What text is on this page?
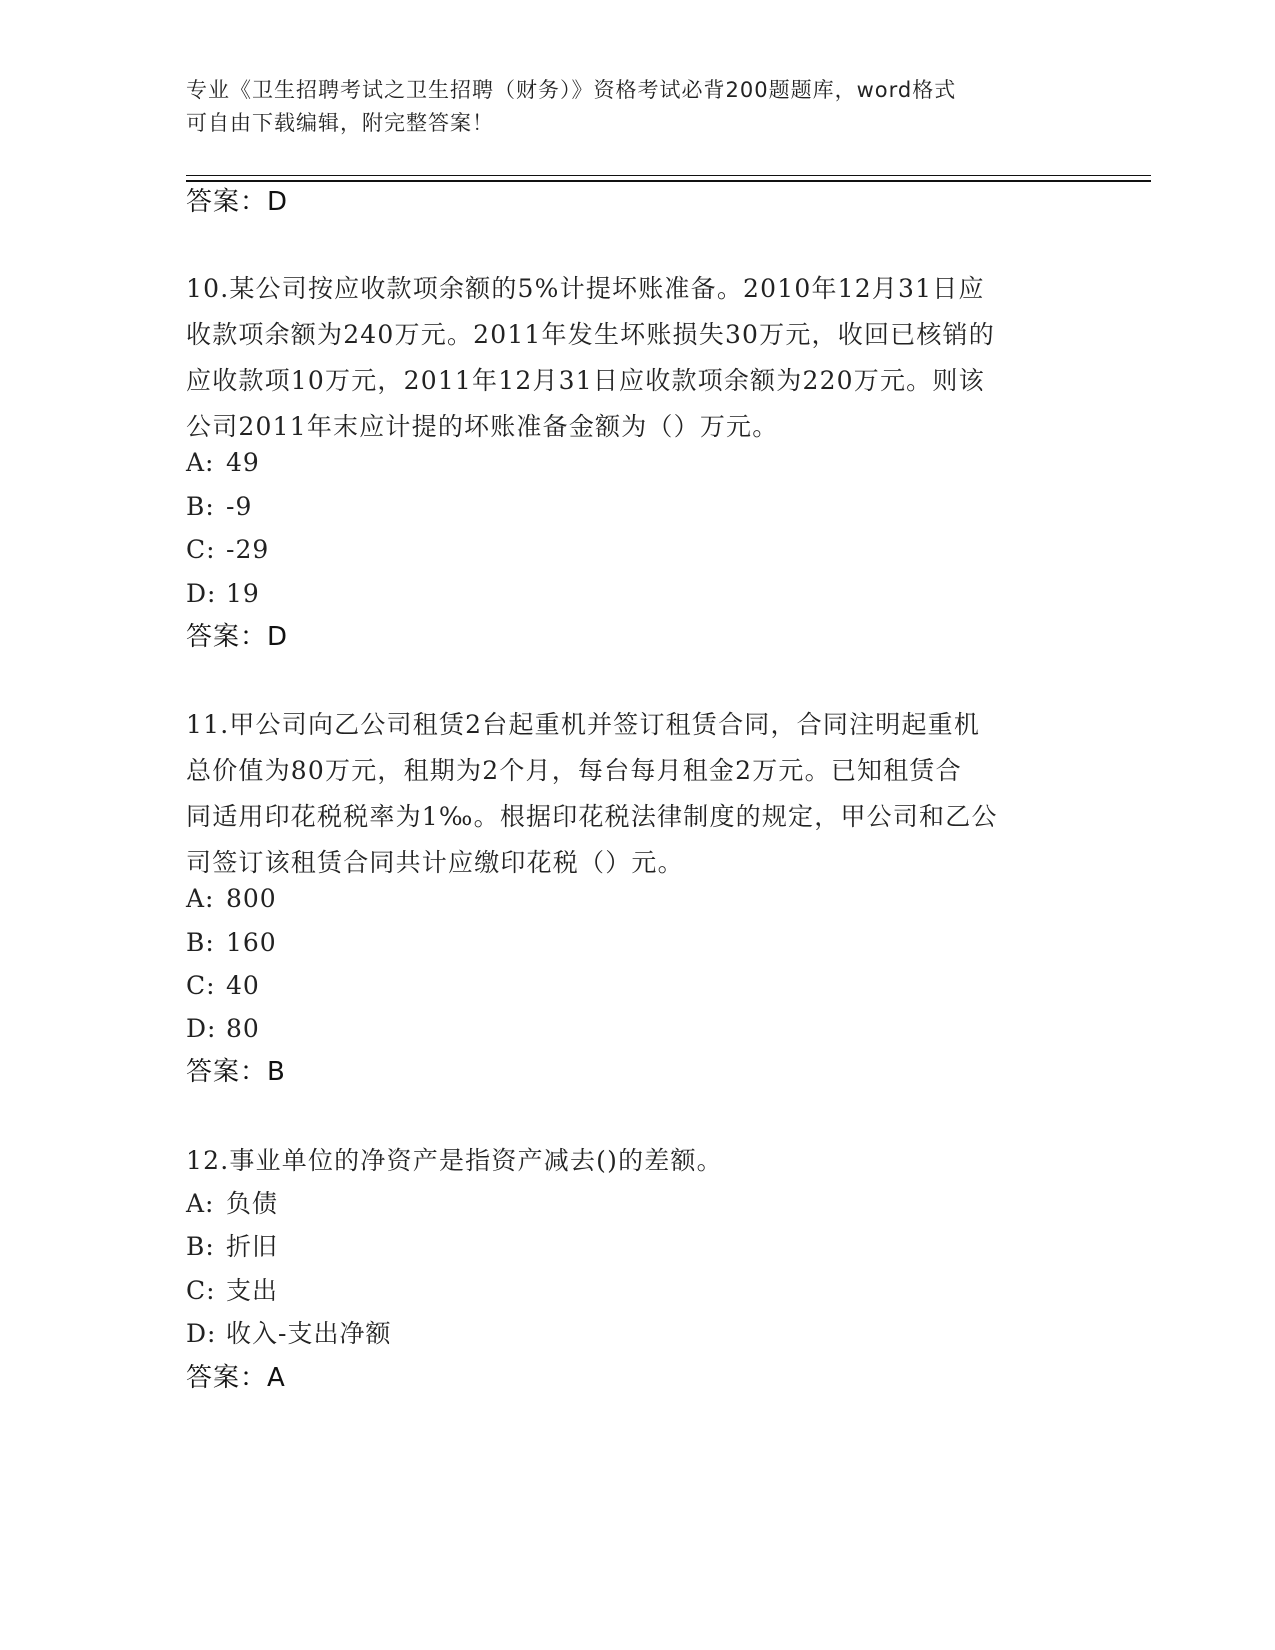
专业《卫生招聘考试之卫生招聘（财务）》资格考试必背200题题库，word格式
可自由下载编辑，附完整答案！
答案：D
10.某公司按应收款项余额的5%计提坏账准备。2010年12月31日应
收款项余额为240万元。2011年发生坏账损失30万元，收回已核销的
应收款项10万元，2011年12月31日应收款项余额为220万元。则该
公司2011年末应计提的坏账准备金额为（）万元。
A: 49
B: -9
C: -29
D: 19
答案：D
11.甲公司向乙公司租赁2台起重机并签订租赁合同，合同注明起重机
总价值为80万元，租期为2个月，每台每月租金2万元。已知租赁合
同适用印花税税率为1‰。根据印花税法律制度的规定，甲公司和乙公
司签订该租赁合同共计应缴印花税（）元。
A: 800
B: 160
C: 40
D: 80
答案：B
12.事业单位的净资产是指资产减去()的差额。
A: 负债
B: 折旧
C: 支出
D: 收入-支出净额
答案：A
